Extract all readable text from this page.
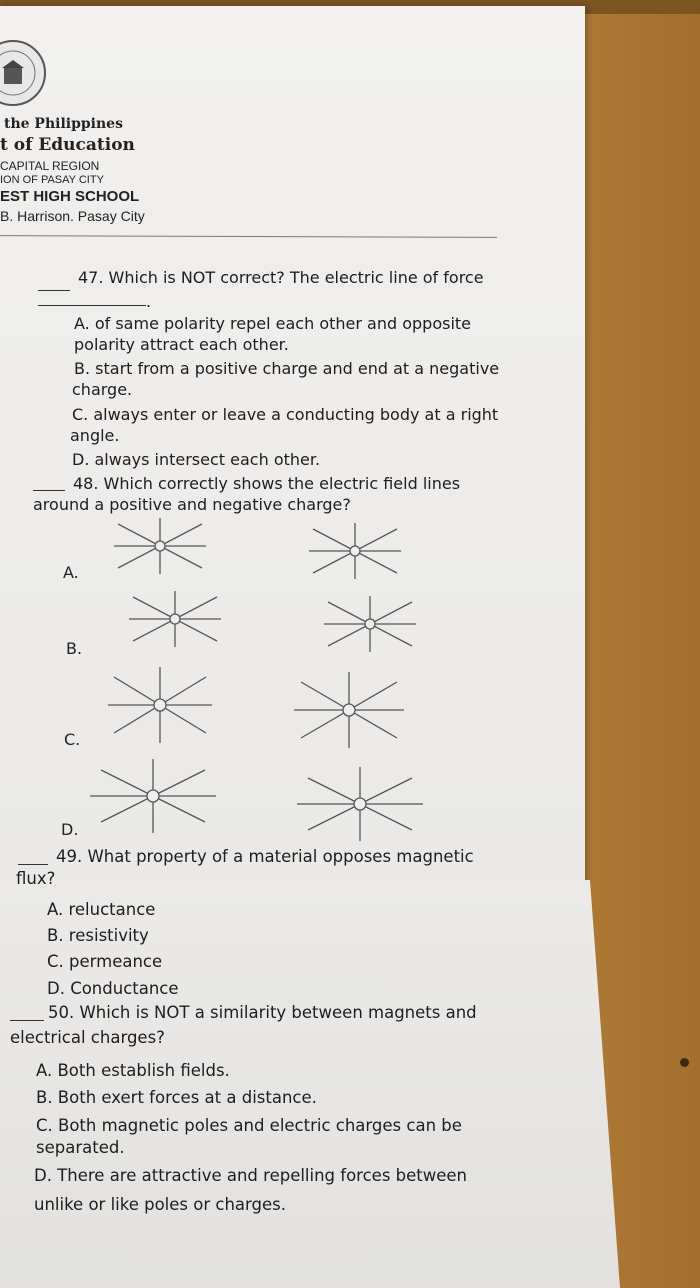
the Philippines
t of Education
CAPITAL REGION
ION OF PASAY CITY
EST HIGH SCHOOL
B. Harrison. Pasay City
47. Which is NOT correct? The electric line of force
.
A. of same polarity repel each other and opposite
polarity attract each other.
B. start from a positive charge and end at a negative
charge.
C. always enter or leave a conducting body at a right
angle.
D. always intersect each other.
48. Which correctly shows the electric field lines
around a positive and negative charge?
A.
B.
C.
D.
49. What property of a material opposes magnetic
flux?
A. reluctance
B. resistivity
C. permeance
D. Conductance
50. Which is NOT a similarity between magnets and
electrical charges?
A. Both establish fields.
B. Both exert forces at a distance.
C. Both magnetic poles and electric charges can be
separated.
D. There are attractive and repelling forces between
unlike or like poles or charges.
